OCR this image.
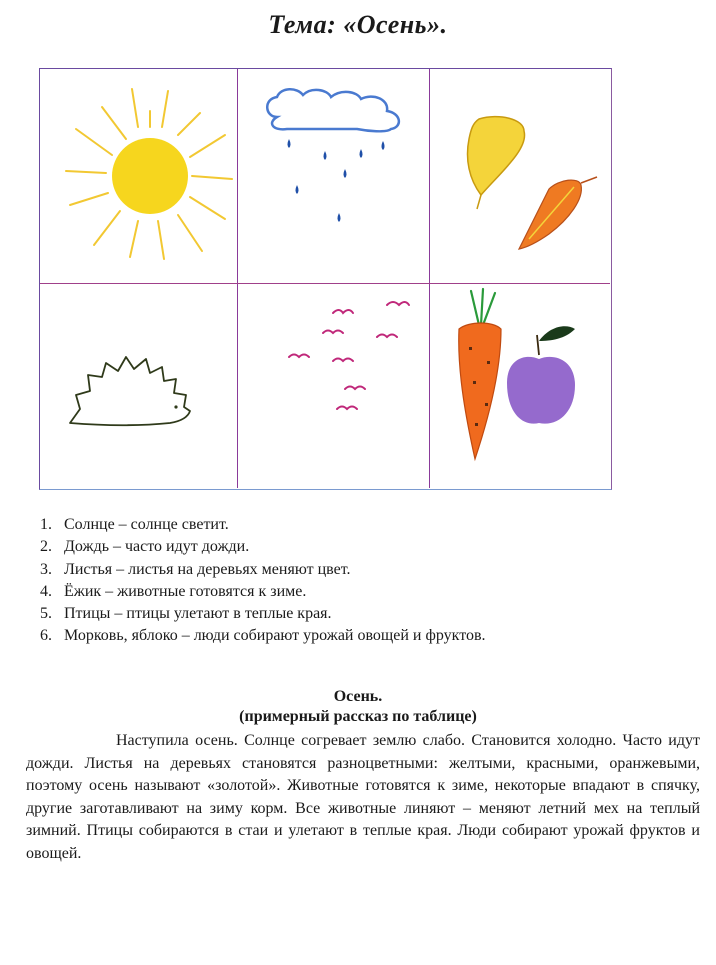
Тема: «Осень».
1. Солнце – солнце светит.
2. Дождь – часто идут дожди.
3. Листья – листья на деревьях меняют цвет.
4. Ёжик – животные готовятся к зиме.
5. Птицы – птицы улетают в теплые края.
6. Морковь, яблоко – люди собирают урожай овощей и фруктов.
Осень.
(примерный рассказ по таблице)

Наступила осень. Солнце согревает землю слабо. Становится холодно. Часто идут дожди. Листья на деревьях становятся разноцветными: желтыми, красными, оранжевыми, поэтому осень называют «золотой». Животные готовятся к зиме, некоторые впадают в спячку, другие заготавливают на зиму корм. Все животные линяют – меняют летний мех на теплый зимний. Птицы собираются в стаи и улетают в теплые края. Люди собирают урожай фруктов и овощей.
